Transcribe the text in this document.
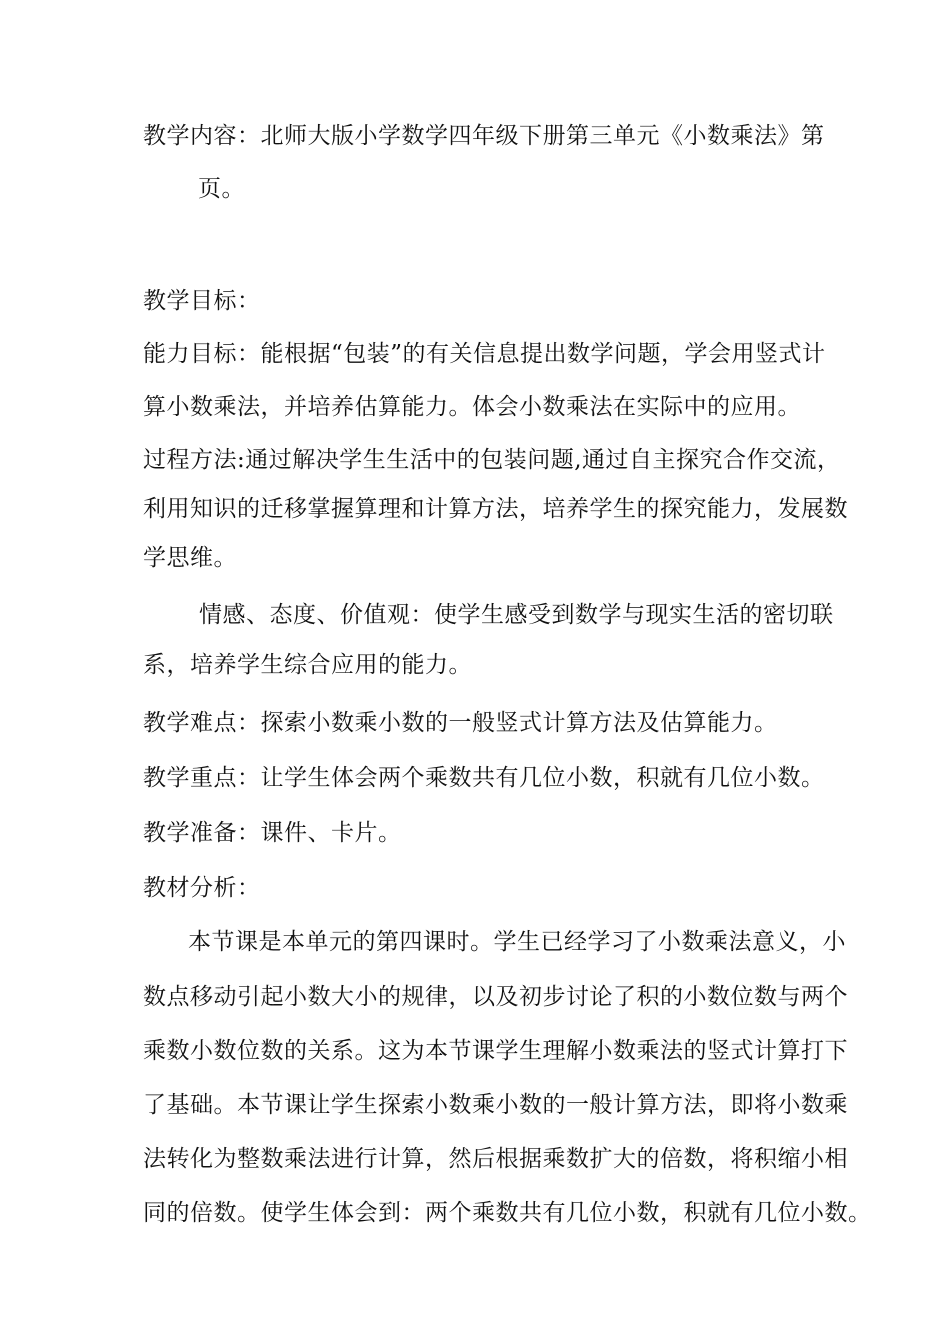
教学内容：北师大版小学数学四年级下册第三单元《小数乘法》第
页。
教学目标：
能力目标：能根据“包装”的有关信息提出数学问题，学会用竖式计
算小数乘法，并培养估算能力。体会小数乘法在实际中的应用。
过程方法:通过解决学生生活中的包装问题,通过自主探究合作交流，
利用知识的迁移掌握算理和计算方法，培养学生的探究能力，发展数
学思维。
情感、态度、价值观：使学生感受到数学与现实生活的密切联
系，培养学生综合应用的能力。
教学难点：探索小数乘小数的一般竖式计算方法及估算能力。
教学重点：让学生体会两个乘数共有几位小数，积就有几位小数。
教学准备：课件、卡片。
教材分析：
本节课是本单元的第四课时。学生已经学习了小数乘法意义，小
数点移动引起小数大小的规律，以及初步讨论了积的小数位数与两个
乘数小数位数的关系。这为本节课学生理解小数乘法的竖式计算打下
了基础。本节课让学生探索小数乘小数的一般计算方法，即将小数乘
法转化为整数乘法进行计算，然后根据乘数扩大的倍数，将积缩小相
同的倍数。使学生体会到：两个乘数共有几位小数，积就有几位小数。
